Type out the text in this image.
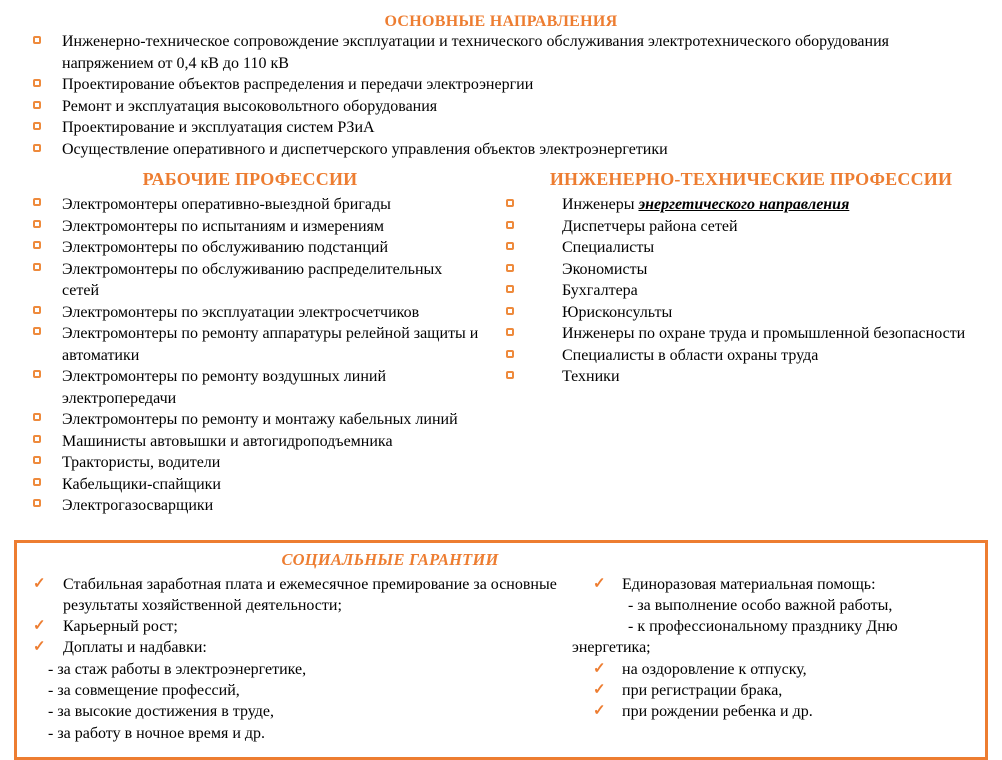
ОСНОВНЫЕ НАПРАВЛЕНИЯ
Инженерно-техническое сопровождение эксплуатации и технического обслуживания электротехнического оборудования напряжением от 0,4 кВ до 110 кВ
Проектирование объектов распределения и передачи электроэнергии
Ремонт и эксплуатация высоковольтного оборудования
Проектирование и эксплуатация систем РЗиА
Осуществление оперативного и диспетчерского управления объектов электроэнергетики
РАБОЧИЕ ПРОФЕССИИ
Электромонтеры оперативно-выездной бригады
Электромонтеры по испытаниям и измерениям
Электромонтеры по обслуживанию подстанций
Электромонтеры по обслуживанию распределительных сетей
Электромонтеры по эксплуатации электросчетчиков
Электромонтеры по ремонту аппаратуры релейной защиты и автоматики
Электромонтеры по ремонту воздушных линий электропередачи
Электромонтеры по ремонту и монтажу кабельных линий
Машинисты автовышки и автогидроподъемника
Трактористы, водители
Кабельщики-спайщики
Электрогазосварщики
ИНЖЕНЕРНО-ТЕХНИЧЕСКИЕ ПРОФЕССИИ
Инженеры энергетического направления
Диспетчеры района сетей
Специалисты
Экономисты
Бухгалтера
Юрисконсульты
Инженеры по охране труда и промышленной безопасности
Специалисты в области охраны труда
Техники
СОЦИАЛЬНЫЕ ГАРАНТИИ
✓ Стабильная заработная плата и ежемесячное премирование за основные результаты хозяйственной деятельности;
✓ Карьерный рост;
✓ Доплаты и надбавки:
- за стаж работы в электроэнергетике,
- за совмещение профессий,
- за высокие достижения в труде,
- за работу в ночное время и др.
✓ Единоразовая материальная помощь:
- за выполнение особо важной работы,
- к профессиональному празднику Дню энергетика;
✓ на оздоровление к отпуску,
✓ при регистрации брака,
✓ при рождении ребенка и др.
